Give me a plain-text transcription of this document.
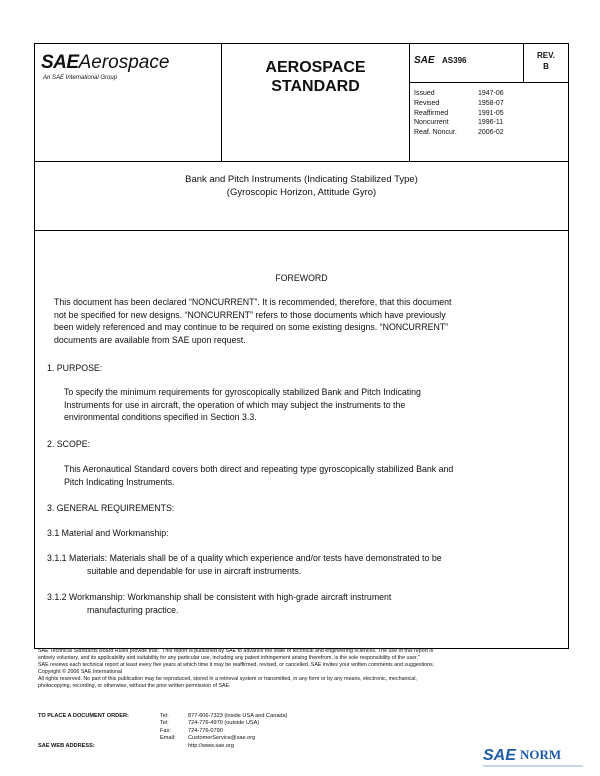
SAEAerospace
An SAE International Group
AEROSPACE
STANDARD
SAE AS396
REV.
B
Issued	1947-06
Revised	1958-07
Reaffirmed	1991-05
Noncurrent	1996-11
Reaf. Noncur.	2006-02
Bank and Pitch Instruments (Indicating Stabilized Type)
(Gyroscopic Horizon, Attitude Gyro)
FOREWORD
This document has been declared “NONCURRENT”. It is recommended, therefore, that this document
not be specified for new designs. “NONCURRENT” refers to those documents which have previously
been widely referenced and may continue to be required on some existing designs. “NONCURRENT”
documents are available from SAE upon request.
1. PURPOSE:
To specify the minimum requirements for gyroscopically stabilized Bank and Pitch Indicating
Instruments for use in aircraft, the operation of which may subject the instruments to the
environmental conditions specified in Section 3.3.
2. SCOPE:
This Aeronautical Standard covers both direct and repeating type gyroscopically stabilized Bank and
Pitch Indicating Instruments.
3. GENERAL REQUIREMENTS:
3.1 Material and Workmanship:
3.1.1 Materials: Materials shall be of a quality which experience and/or tests have demonstrated to be
suitable and dependable for use in aircraft instruments.
3.1.2 Workmanship: Workmanship shall be consistent with high-grade aircraft instrument
manufacturing practice.
SAE Technical Standards Board Rules provide that: “This report is published by SAE to advance the state of technical and engineering sciences. The use of this report is
entirely voluntary, and its applicability and suitability for any particular use, including any patent infringement arising therefrom, is the sole responsibility of the user.”
SAE reviews each technical report at least every five years at which time it may be reaffirmed, revised, or cancelled. SAE invites your written comments and suggestions.
Copyright © 2006 SAE International
All rights reserved. No part of this publication may be reproduced, stored in a retrieval system or transmitted, in any form or by any means, electronic, mechanical,
photocopying, recording, or otherwise, without the prior written permission of SAE.
TO PLACE A DOCUMENT ORDER:
SAE WEB ADDRESS:
Tel:	877-606-7323 (inside USA and Canada)
Tel:	724-776-4970 (outside USA)
Fax:	724-776-0790
Email:	CustomerService@sae.org
http://www.sae.org
SAE NORM
